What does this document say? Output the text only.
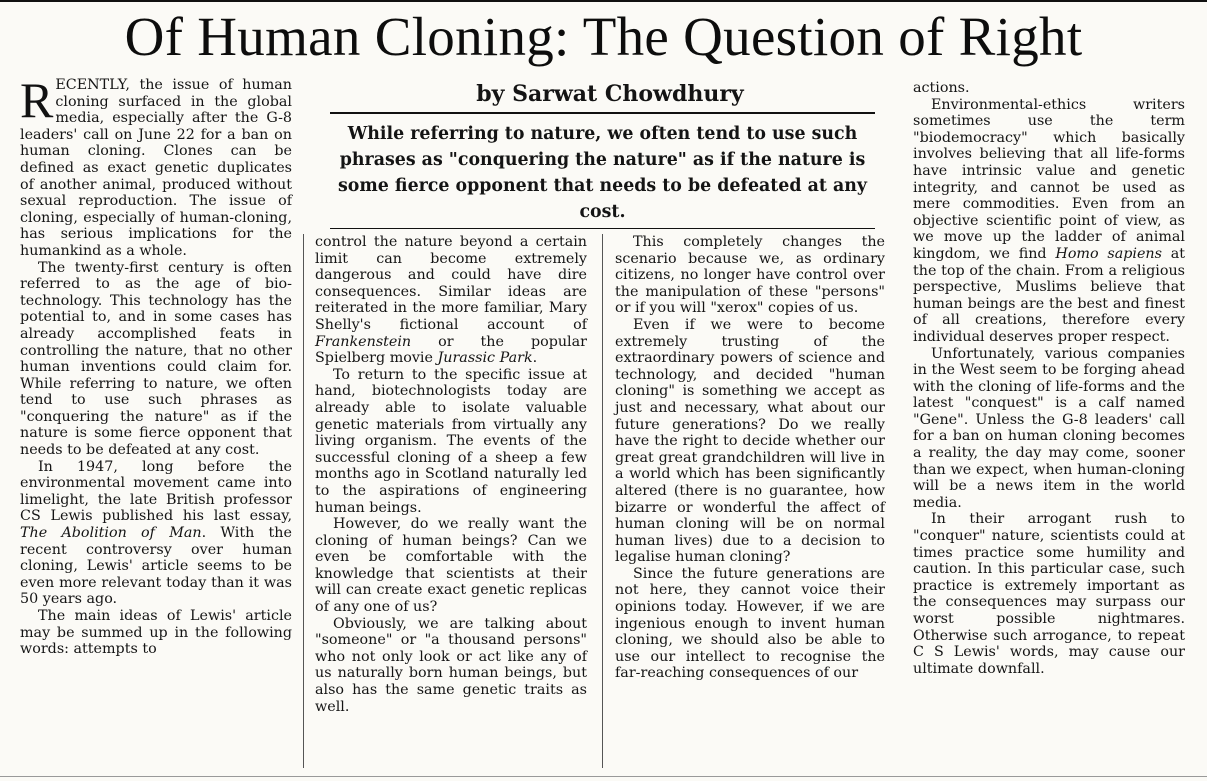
Of Human Cloning: The Question of Right
by Sarwat Chowdhury
While referring to nature, we often tend to use such phrases as "conquering the nature" as if the nature is some fierce opponent that needs to be defeated at any cost.

RECENTLY, the issue of human cloning surfaced in the global media, especially after the G-8 leaders' call on June 22 for a ban on human cloning. Clones can be defined as exact genetic duplicates of another animal, produced without sexual reproduction. The issue of cloning, especially of human-cloning, has serious implications for the humankind as a whole.

The twenty-first century is often referred to as the age of bio-technology. This technology has the potential to, and in some cases has already accomplished feats in controlling the nature, that no other human inventions could claim for. While referring to nature, we often tend to use such phrases as "conquering the nature" as if the nature is some fierce opponent that needs to be defeated at any cost.

In 1947, long before the environmental movement came into limelight, the late British professor CS Lewis published his last essay, The Abolition of Man. With the recent controversy over human cloning, Lewis' article seems to be even more relevant today than it was 50 years ago.

The main ideas of Lewis' article may be summed up in the following words: attempts to

control the nature beyond a certain limit can become extremely dangerous and could have dire consequences. Similar ideas are reiterated in the more familiar, Mary Shelly's fictional account of Frankenstein or the popular Spielberg movie Jurassic Park.

To return to the specific issue at hand, biotechnologists today are already able to isolate valuable genetic materials from virtually any living organism. The events of the successful cloning of a sheep a few months ago in Scotland naturally led to the aspirations of engineering human beings.

However, do we really want the cloning of human beings? Can we even be comfortable with the knowledge that scientists at their will can create exact genetic replicas of any one of us?

Obviously, we are talking about "someone" or "a thousand persons" who not only look or act like any of us naturally born human beings, but also has the same genetic traits as well.

This completely changes the scenario because we, as ordinary citizens, no longer have control over the manipulation of these "persons" or if you will "xerox" copies of us.

Even if we were to become extremely trusting of the extraordinary powers of science and technology, and decided "human cloning" is something we accept as just and necessary, what about our future generations? Do we really have the right to decide whether our great great grandchildren will live in a world which has been significantly altered (there is no guarantee, how bizarre or wonderful the affect of human cloning will be on normal human lives) due to a decision to legalise human cloning?

Since the future generations are not here, they cannot voice their opinions today. However, if we are ingenious enough to invent human cloning, we should also be able to use our intellect to recognise the far-reaching consequences of our

actions.

Environmental-ethics writers sometimes use the term "biodemocracy" which basically involves believing that all life-forms have intrinsic value and genetic integrity, and cannot be used as mere commodities. Even from an objective scientific point of view, as we move up the ladder of animal kingdom, we find Homo sapiens at the top of the chain. From a religious perspective, Muslims believe that human beings are the best and finest of all creations, therefore every individual deserves proper respect.

Unfortunately, various companies in the West seem to be forging ahead with the cloning of life-forms and the latest "conquest" is a calf named "Gene". Unless the G-8 leaders' call for a ban on human cloning becomes a reality, the day may come, sooner than we expect, when human-cloning will be a news item in the world media.

In their arrogant rush to "conquer" nature, scientists could at times practice some humility and caution. In this particular case, such practice is extremely important as the consequences may surpass our worst possible nightmares. Otherwise such arrogance, to repeat C S Lewis' words, may cause our ultimate downfall.
